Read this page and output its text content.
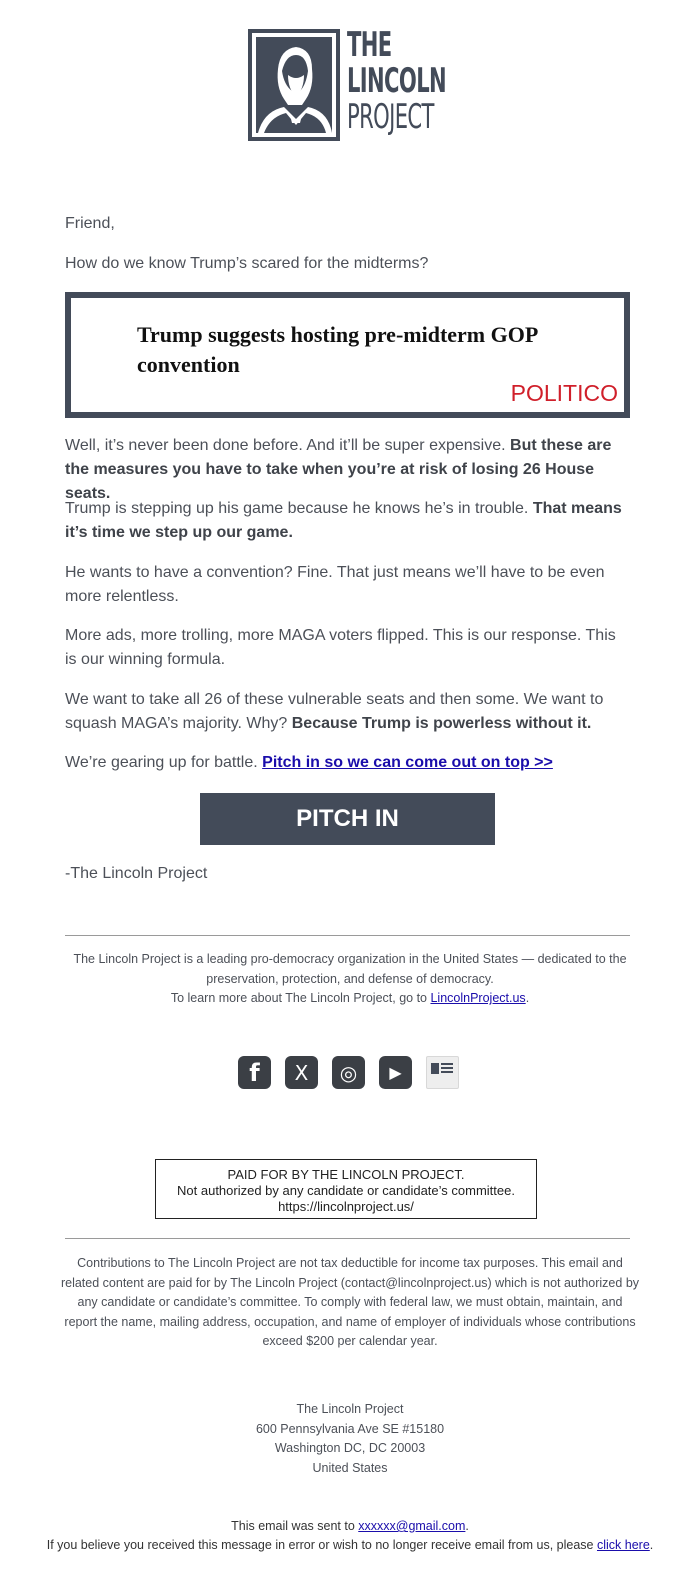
THE
LINCOLN
PROJECT
Friend,
How do we know Trump’s scared for the midterms?
Trump suggests hosting pre-midterm GOP convention
POLITICO
Well, it’s never been done before. And it’ll be super expensive. But these are the measures you have to take when you’re at risk of losing 26 House seats.
Trump is stepping up his game because he knows he’s in trouble. That means it’s time we step up our game.
He wants to have a convention? Fine. That just means we’ll have to be even more relentless.
More ads, more trolling, more MAGA voters flipped. This is our response. This is our winning formula.
We want to take all 26 of these vulnerable seats and then some. We want to squash MAGA’s majority. Why? Because Trump is powerless without it.
We’re gearing up for battle. Pitch in so we can come out on top >>
PITCH IN
-The Lincoln Project
The Lincoln Project is a leading pro-democracy organization in the United States — dedicated to the preservation, protection, and defense of democracy.
To learn more about The Lincoln Project, go to LincolnProject.us.
f X ◎ ▶
PAID FOR BY THE LINCOLN PROJECT.
Not authorized by any candidate or candidate’s committee.
https://lincolnproject.us/
Contributions to The Lincoln Project are not tax deductible for income tax purposes. This email and related content are paid for by The Lincoln Project (contact@lincolnproject.us) which is not authorized by any candidate or candidate’s committee. To comply with federal law, we must obtain, maintain, and report the name, mailing address, occupation, and name of employer of individuals whose contributions exceed $200 per calendar year.
The Lincoln Project
600 Pennsylvania Ave SE #15180
Washington DC, DC 20003
United States
This email was sent to xxxxxx@gmail.com.
If you believe you received this message in error or wish to no longer receive email from us, please click here.
